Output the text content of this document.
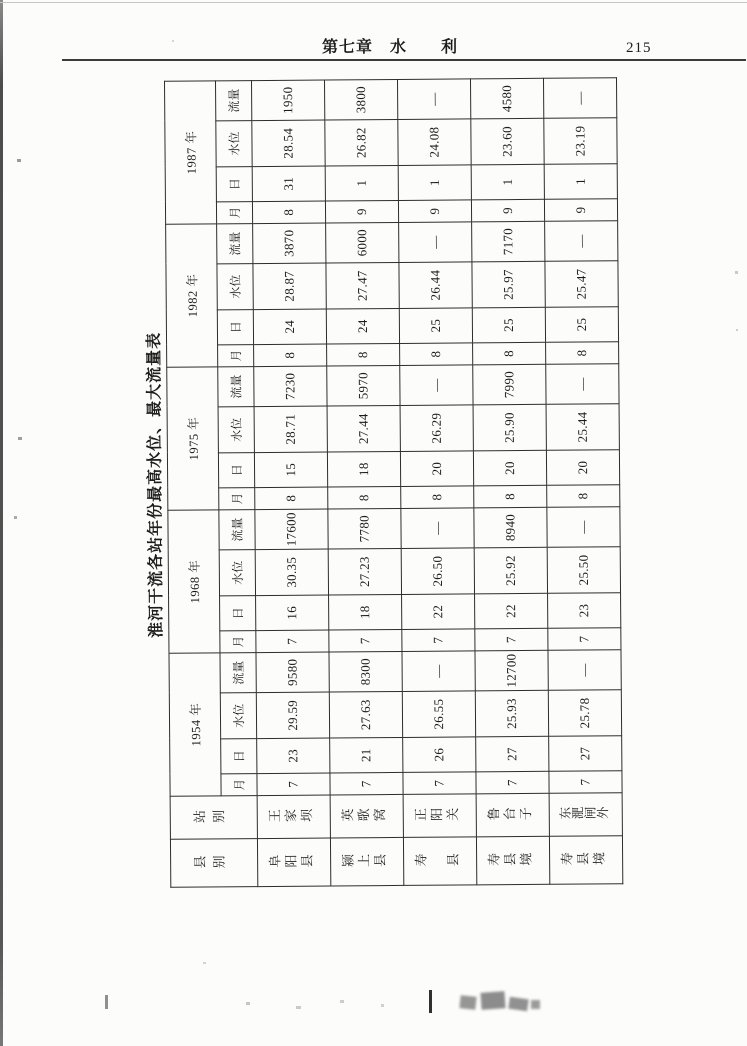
第七章　水　　利	215
淮河干流各站年份最高水位、最大流量表
县别	站别	1954 年				1968 年				1975 年				1982 年				1987 年			
		月	日	水位	流量	月	日	水位	流量	月	日	水位	流量	月	日	水位	流量	月	日	水位	流量
阜阳县	王家坝	7	23	29.59	9580	7	16	30.35	17600	8	15	28.71	7230	8	24	28.87	3870	8	31	28.54	1950
颍上县	英歌窝	7	21	27.63	8300	7	18	27.23	7780	8	18	27.44	5970	8	24	27.47	6000	9	1	26.82	3800
寿　县	正阳关	7	26	26.55	—	7	22	26.50	—	8	20	26.29	—	8	25	26.44	—	9	1	24.08	—
寿县境	鲁台子	7	27	25.93	12700	7	22	25.92	8940	8	20	25.90	7990	8	25	25.97	7170	9	1	23.60	4580
寿县境	东淝闸外	7	27	25.78	—	7	23	25.50	—	8	20	25.44	—	8	25	25.47	—	9	1	23.19	—
